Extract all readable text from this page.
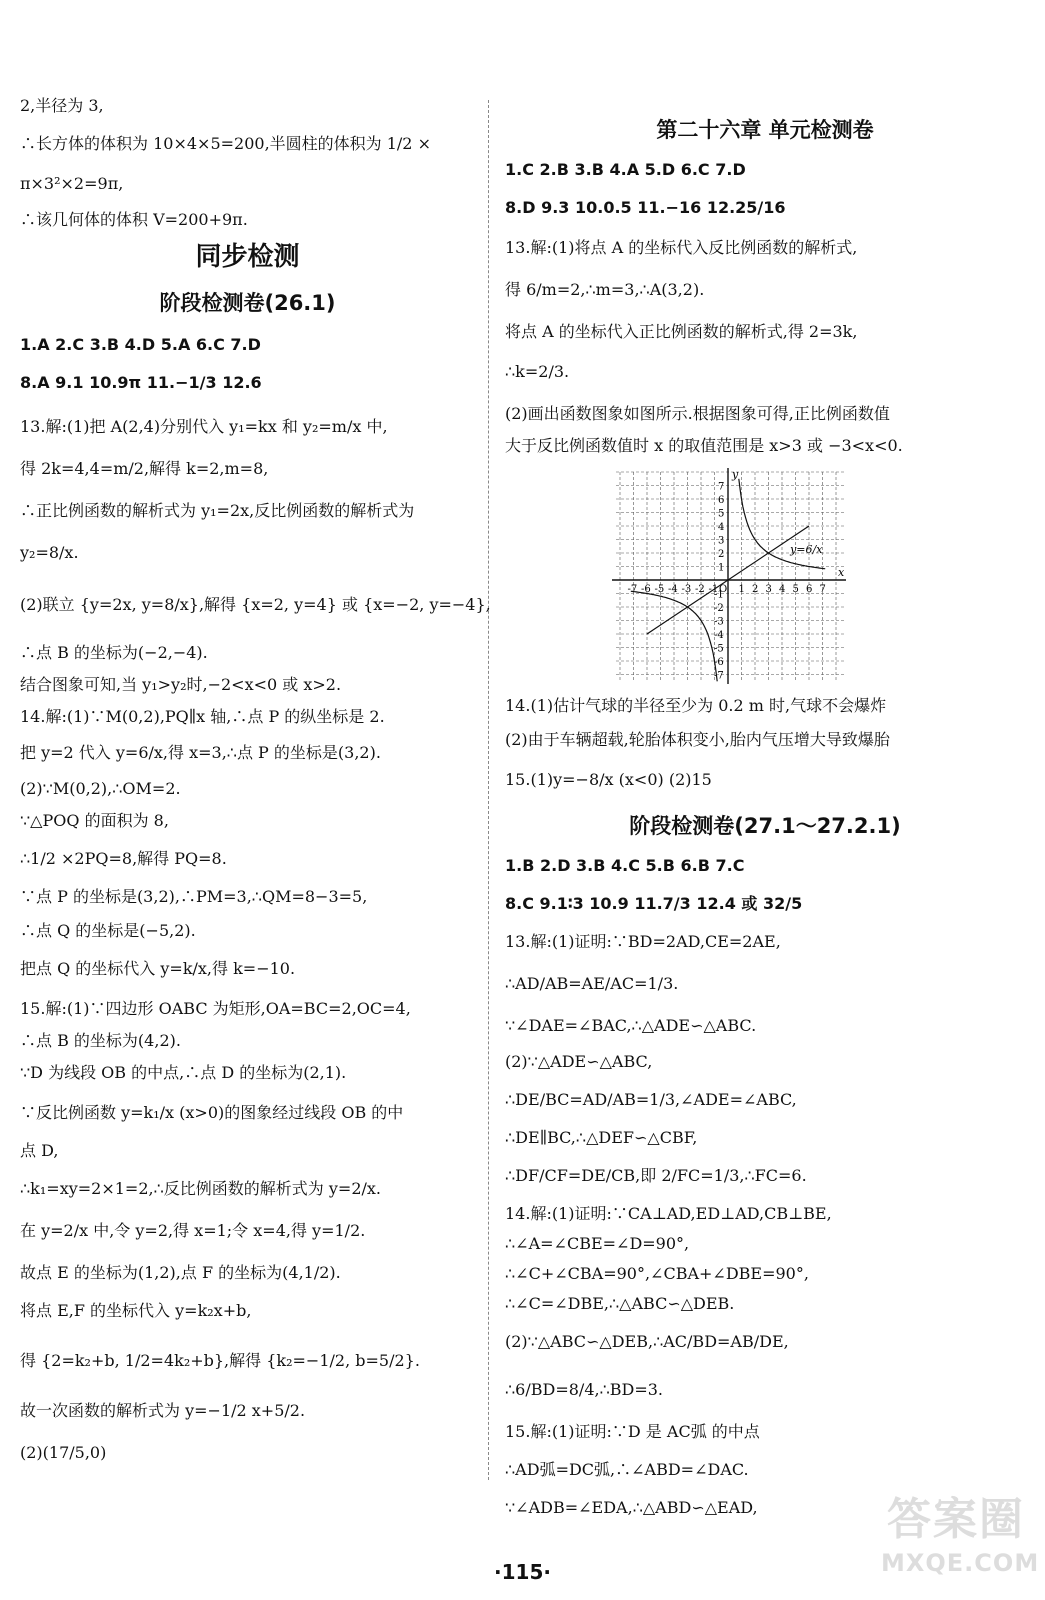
2,半径为 3,

∴长方体的体积为 10×4×5=200,半圆柱的体积为 1/2 ×

π×3²×2=9π,

∴该几何体的体积 V=200+9π.

同步检测

阶段检测卷(26.1)

1.A 2.C 3.B 4.D 5.A 6.C 7.D

8.A 9.1 10.9π 11.−1/3 12.6

13.解:(1)把 A(2,4)分别代入 y₁=kx 和 y₂=m/x 中,

得 2k=4,4=m/2,解得 k=2,m=8,

∴正比例函数的解析式为 y₁=2x,反比例函数的解析式为

y₂=8/x.

(2)联立 {y=2x, y=8/x},解得 {x=2, y=4} 或 {x=−2, y=−4},

∴点 B 的坐标为(−2,−4).

结合图象可知,当 y₁>y₂时,−2<x<0 或 x>2.

14.解:(1)∵M(0,2),PQ∥x 轴,∴点 P 的纵坐标是 2.

把 y=2 代入 y=6/x,得 x=3,∴点 P 的坐标是(3,2).

(2)∵M(0,2),∴OM=2.

∵△POQ 的面积为 8,

∴1/2 ×2PQ=8,解得 PQ=8.

∵点 P 的坐标是(3,2),∴PM=3,∴QM=8−3=5,

∴点 Q 的坐标是(−5,2).

把点 Q 的坐标代入 y=k/x,得 k=−10.

15.解:(1)∵四边形 OABC 为矩形,OA=BC=2,OC=4,

∴点 B 的坐标为(4,2).

∵D 为线段 OB 的中点,∴点 D 的坐标为(2,1).

∵反比例函数 y=k₁/x (x>0)的图象经过线段 OB 的中

点 D,

∴k₁=xy=2×1=2,∴反比例函数的解析式为 y=2/x.

在 y=2/x 中,令 y=2,得 x=1;令 x=4,得 y=1/2.

故点 E 的坐标为(1,2),点 F 的坐标为(4,1/2).

将点 E,F 的坐标代入 y=k₂x+b,

得 {2=k₂+b, 1/2=4k₂+b},解得 {k₂=−1/2, b=5/2}.

故一次函数的解析式为 y=−1/2 x+5/2.

(2)(17/5,0)

第二十六章 单元检测卷

1.C 2.B 3.B 4.A 5.D 6.C 7.D

8.D 9.3 10.0.5 11.−16 12.25/16

13.解:(1)将点 A 的坐标代入反比例函数的解析式,

得 6/m=2,∴m=3,∴A(3,2).

将点 A 的坐标代入正比例函数的解析式,得 2=3k,

∴k=2/3.

(2)画出函数图象如图所示.根据图象可得,正比例函数值

大于反比例函数值时 x 的取值范围是 x>3 或 −3<x<0.

-7 -6 -5 -4 -3 -2 -1 1 2 3 4 5 6 7
7
6
5
4
3
2
1
-1
-2
-3
-4
-5
-6
-7
x
y
O
y=6/x

14.(1)估计气球的半径至少为 0.2 m 时,气球不会爆炸

(2)由于车辆超载,轮胎体积变小,胎内气压增大导致爆胎

15.(1)y=−8/x (x<0) (2)15

阶段检测卷(27.1～27.2.1)

1.B 2.D 3.B 4.C 5.B 6.B 7.C

8.C 9.1∶3 10.9 11.7/3 12.4 或 32/5

13.解:(1)证明:∵BD=2AD,CE=2AE,

∴AD/AB=AE/AC=1/3.

∵∠DAE=∠BAC,∴△ADE∽△ABC.

(2)∵△ADE∽△ABC,

∴DE/BC=AD/AB=1/3,∠ADE=∠ABC,

∴DE∥BC,∴△DEF∽△CBF,

∴DF/CF=DE/CB,即 2/FC=1/3,∴FC=6.

14.解:(1)证明:∵CA⊥AD,ED⊥AD,CB⊥BE,

∴∠A=∠CBE=∠D=90°,

∴∠C+∠CBA=90°,∠CBA+∠DBE=90°,

∴∠C=∠DBE,∴△ABC∽△DEB.

(2)∵△ABC∽△DEB,∴AC/BD=AB/DE,

∴6/BD=8/4,∴BD=3.

15.解:(1)证明:∵D 是 AC弧 的中点

∴AD弧=DC弧,∴∠ABD=∠DAC.

∵∠ADB=∠EDA,∴△ABD∽△EAD,

·115·
答案圈
MXQE.COM
